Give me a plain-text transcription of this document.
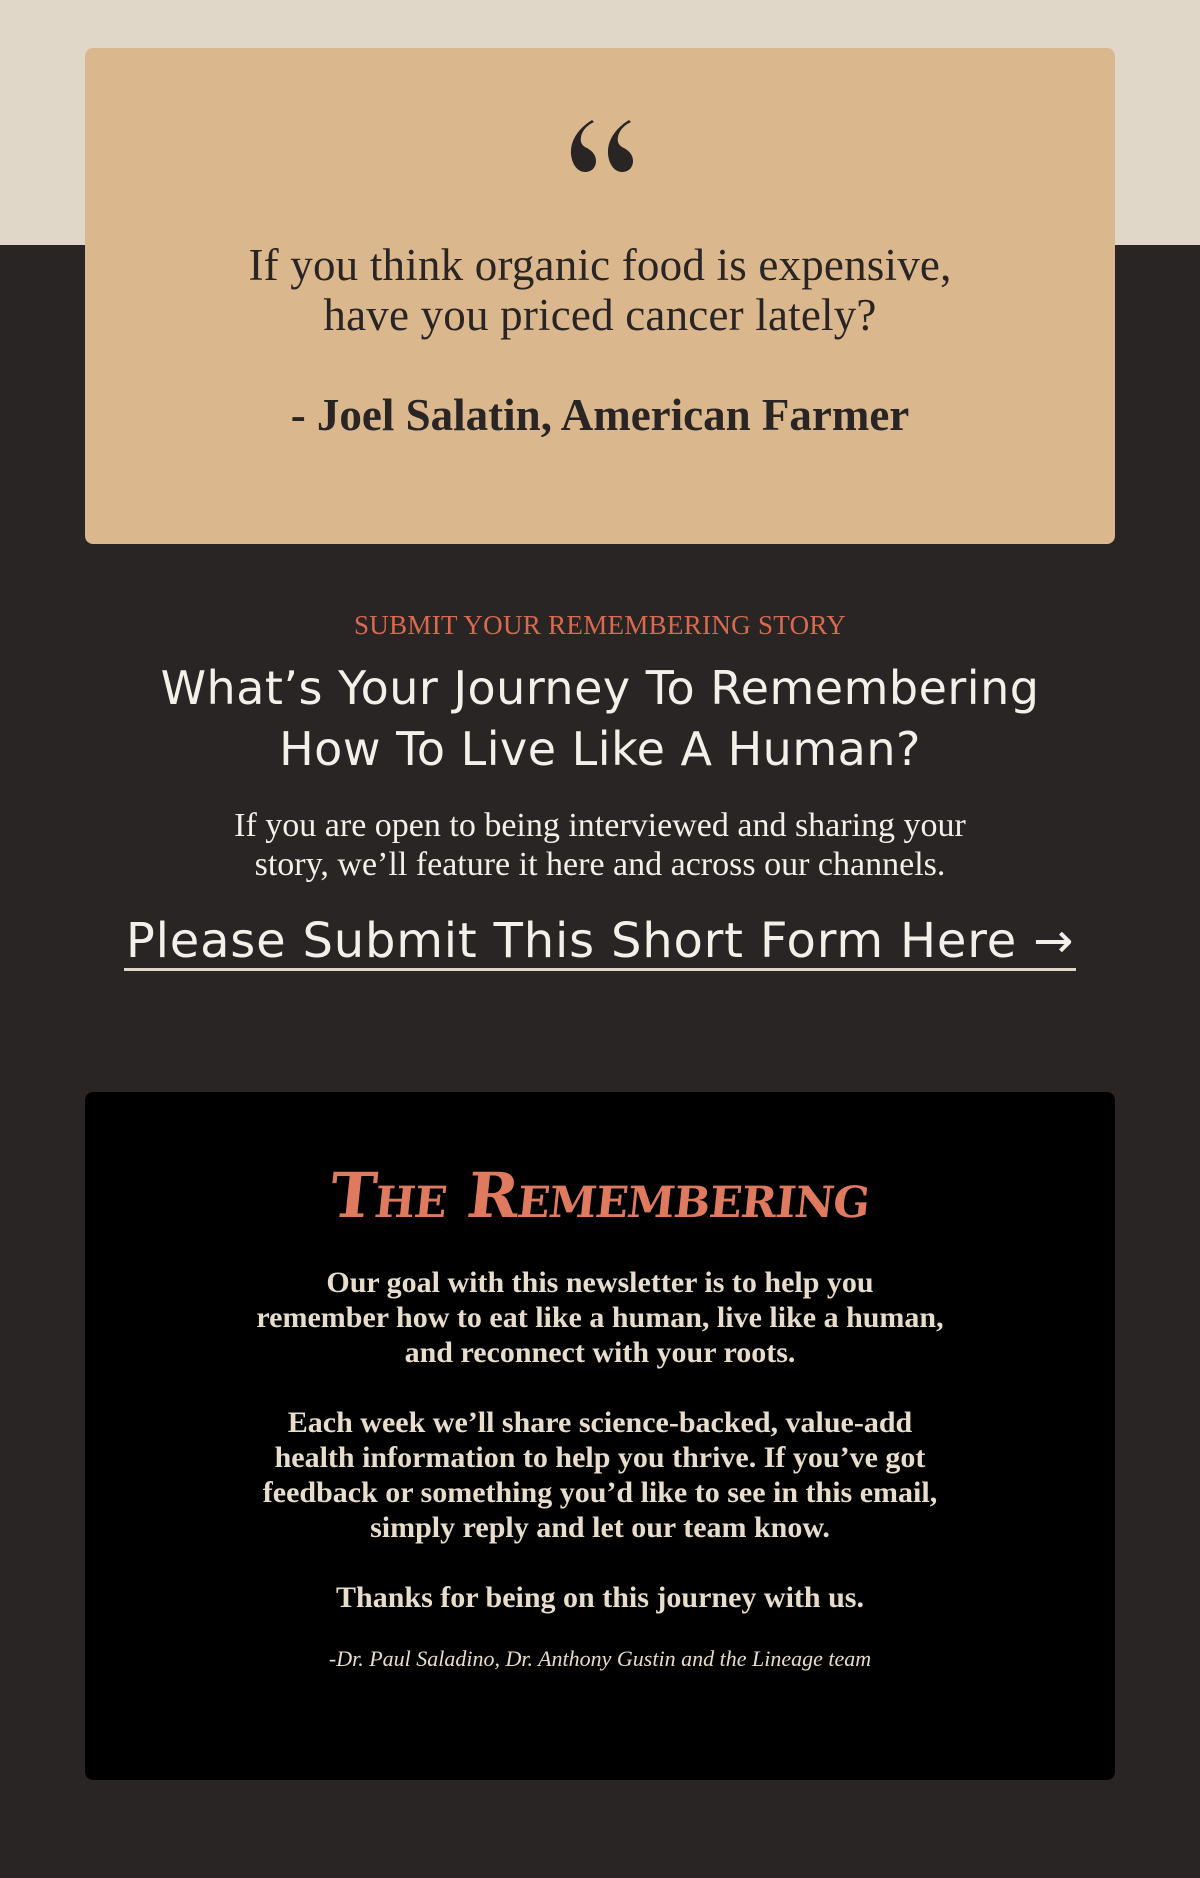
If you think organic food is expensive,
have you priced cancer lately?

- Joel Salatin, American Farmer

SUBMIT YOUR REMEMBERING STORY

What’s Your Journey To Remembering
How To Live Like A Human?

If you are open to being interviewed and sharing your
story, we’ll feature it here and across our channels.

Please Submit This Short Form Here →
The Remembering

Our goal with this newsletter is to help you
remember how to eat like a human, live like a human,
and reconnect with your roots.

Each week we’ll share science-backed, value-add
health information to help you thrive. If you’ve got
feedback or something you’d like to see in this email,
simply reply and let our team know.

Thanks for being on this journey with us.

-Dr. Paul Saladino, Dr. Anthony Gustin and the Lineage team
